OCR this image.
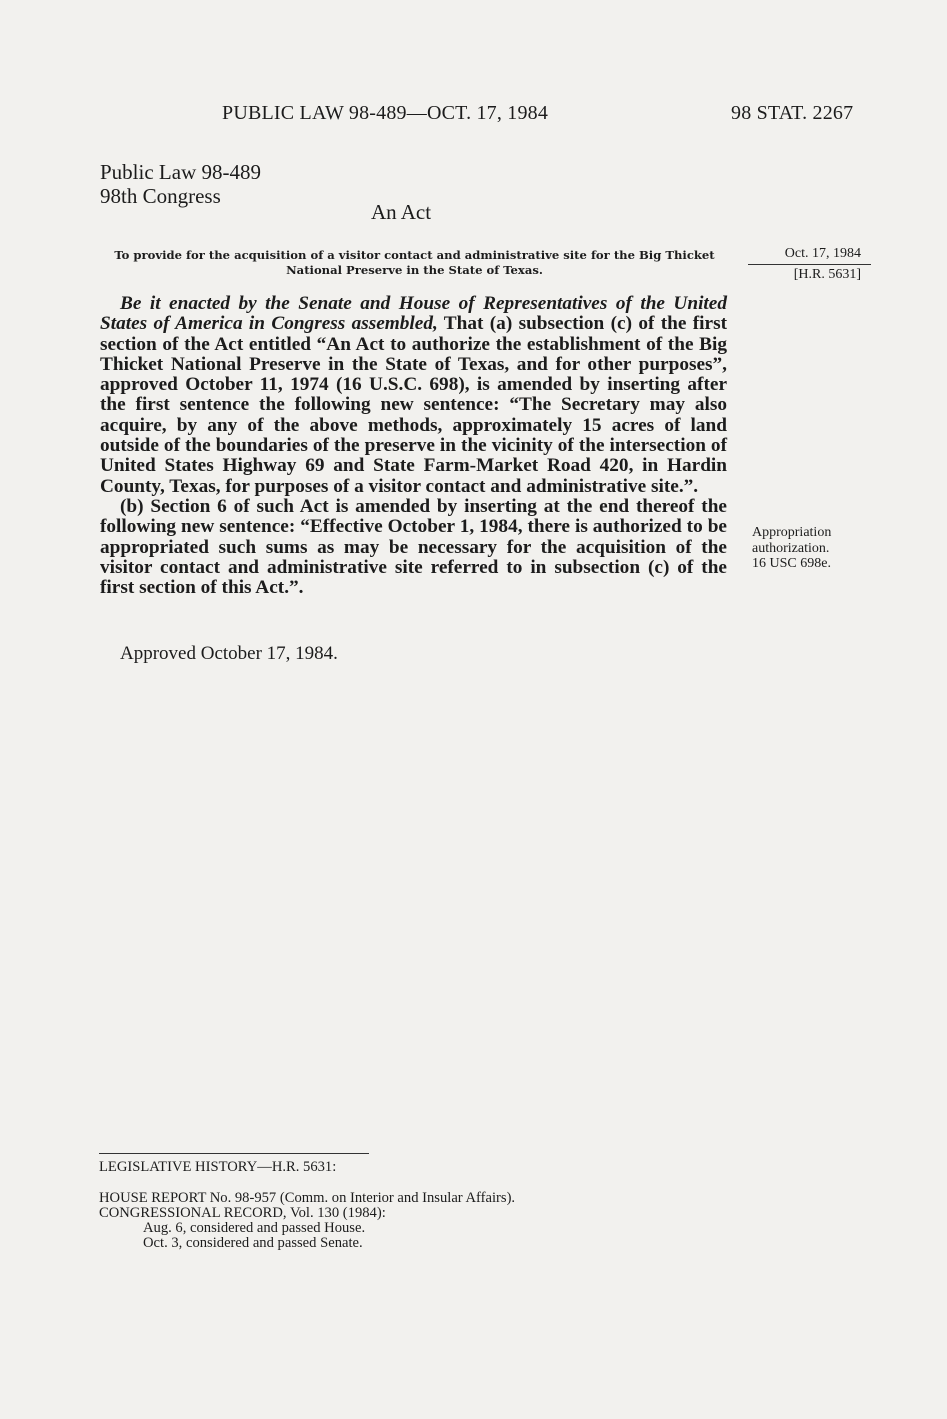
PUBLIC LAW 98-489—OCT. 17, 1984	98 STAT. 2267
Public Law 98-489
98th Congress
An Act
To provide for the acquisition of a visitor contact and administrative site for the Big Thicket National Preserve in the State of Texas.
Oct. 17, 1984
[H.R. 5631]

Be it enacted by the Senate and House of Representatives of the United States of America in Congress assembled, That (a) subsection (c) of the first section of the Act entitled “An Act to authorize the establishment of the Big Thicket National Preserve in the State of Texas, and for other purposes”, approved October 11, 1974 (16 U.S.C. 698), is amended by inserting after the first sentence the following new sentence: “The Secretary may also acquire, by any of the above methods, approximately 15 acres of land outside of the boundaries of the preserve in the vicinity of the intersection of United States Highway 69 and State Farm-Market Road 420, in Hardin County, Texas, for purposes of a visitor contact and administrative site.”.

(b) Section 6 of such Act is amended by inserting at the end thereof the following new sentence: “Effective October 1, 1984, there is authorized to be appropriated such sums as may be necessary for the acquisition of the visitor contact and administrative site referred to in subsection (c) of the first section of this Act.”.

Appropriation
authorization.
16 USC 698e.
Approved October 17, 1984.
LEGISLATIVE HISTORY—H.R. 5631:
HOUSE REPORT No. 98-957 (Comm. on Interior and Insular Affairs).
CONGRESSIONAL RECORD, Vol. 130 (1984):
Aug. 6, considered and passed House.
Oct. 3, considered and passed Senate.
